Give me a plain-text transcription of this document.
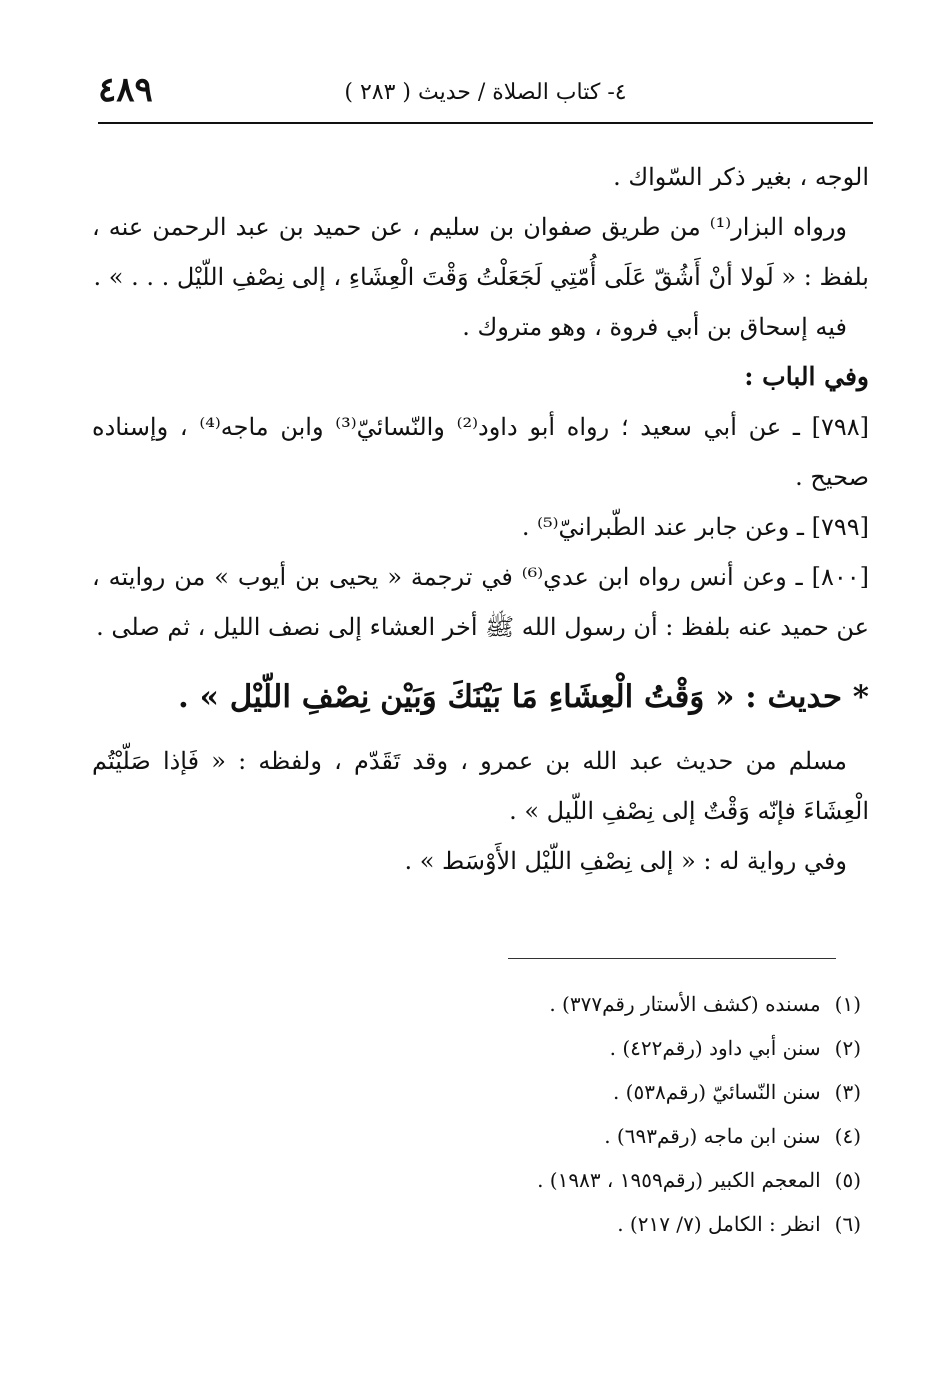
٤٨٩	٤- كتاب الصلاة / حديث ( ٢٨٣ )

الوجه ، بغير ذكر السّواك .

ورواه البزار⁽¹⁾ من طريق صفوان بن سليم ، عن حميد بن عبد الرحمن عنه ، بلفظ : « لَولا أنْ أَشُقّ عَلَى أُمّتِي لَجَعَلْتُ وَقْتَ الْعِشَاءِ ، إلى نِصْفِ اللّيْل . . . » .

فيه إسحاق بن أبي فروة ، وهو متروك .

وفي الباب :

[٧٩٨] ـ عن أبي سعيد ؛ رواه أبو داود⁽²⁾ والنّسائيّ⁽³⁾ وابن ماجه⁽⁴⁾ ، وإسناده صحيح .

[٧٩٩] ـ وعن جابر عند الطّبرانيّ⁽⁵⁾ .

[٨٠٠] ـ وعن أنس رواه ابن عدي⁽⁶⁾ في ترجمة « يحيى بن أيوب » من روايته ، عن حميد عنه بلفظ : أن رسول الله ﷺ أخر العشاء إلى نصف الليل ، ثم صلى .

* حديث : « وَقْتُ الْعِشَاءِ مَا بَيْنَكَ وَبَيْن نِصْفِ اللّيْل » .

مسلم من حديث عبد الله بن عمرو ، وقد تَقَدّم ، ولفظه : « فَإذا صَلّيْتُم الْعِشَاءَ فإنّه وَقْتٌ إلى نِصْفِ اللّيل » .

وفي رواية له : « إلى نِصْفِ اللّيْل الأَوْسَط » .

(١) مسنده (كشف الأستار رقم٣٧٧) .
(٢) سنن أبي داود (رقم٤٢٢) .
(٣) سنن النّسائيّ (رقم٥٣٨) .
(٤) سنن ابن ماجه (رقم٦٩٣) .
(٥) المعجم الكبير (رقم١٩٥٩ ، ١٩٨٣) .
(٦) انظر : الكامل (٧/ ٢١٧) .
